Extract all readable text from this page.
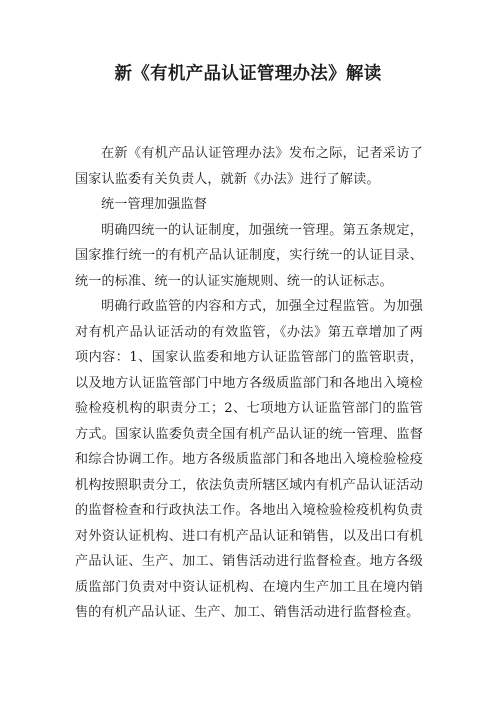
新《有机产品认证管理办法》解读

在新《有机产品认证管理办法》发布之际，记者采访了国家认监委有关负责人，就新《办法》进行了解读。

统一管理加强监督

明确四统一的认证制度，加强统一管理。第五条规定，国家推行统一的有机产品认证制度，实行统一的认证目录、统一的标准、统一的认证实施规则、统一的认证标志。

明确行政监管的内容和方式，加强全过程监管。为加强对有机产品认证活动的有效监管，《办法》第五章增加了两项内容：1、国家认监委和地方认证监管部门的监管职责，以及地方认证监管部门中地方各级质监部门和各地出入境检验检疫机构的职责分工；2、七项地方认证监管部门的监管方式。国家认监委负责全国有机产品认证的统一管理、监督和综合协调工作。地方各级质监部门和各地出入境检验检疫机构按照职责分工，依法负责所辖区域内有机产品认证活动的监督检查和行政执法工作。各地出入境检验检疫机构负责对外资认证机构、进口有机产品认证和销售，以及出口有机产品认证、生产、加工、销售活动进行监督检查。地方各级质监部门负责对中资认证机构、在境内生产加工且在境内销售的有机产品认证、生产、加工、销售活动进行监督检查。
